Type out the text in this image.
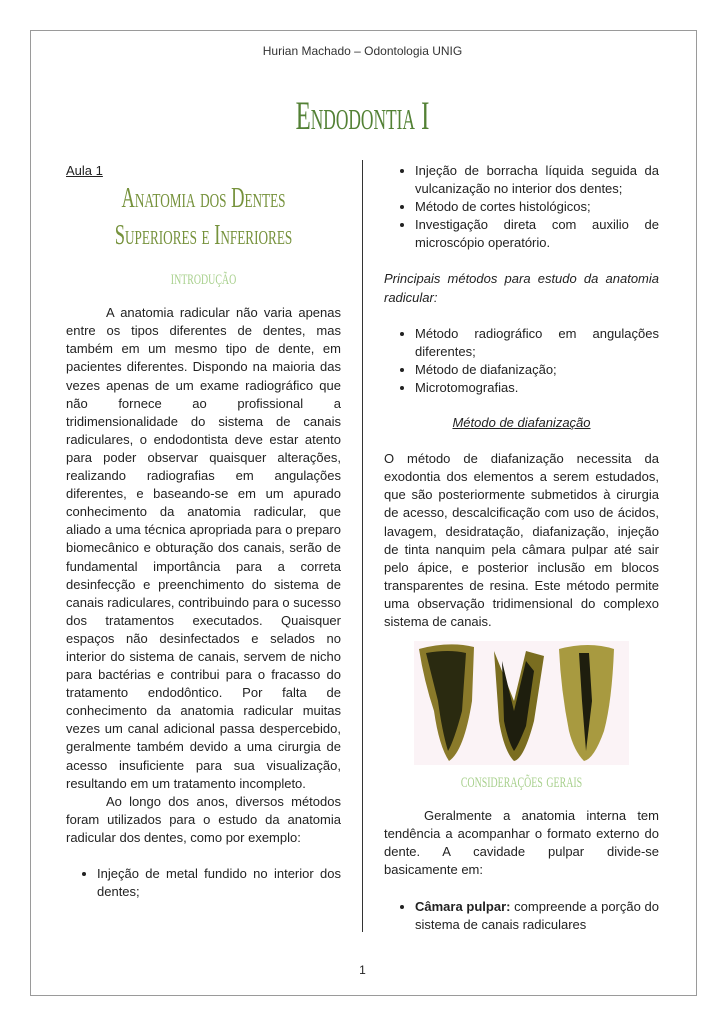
Hurian Machado – Odontologia UNIG
Endodontia I
Aula 1
Anatomia dos Dentes
Superiores e Inferiores
introdução

A anatomia radicular não varia apenas entre os tipos diferentes de dentes, mas também em um mesmo tipo de dente, em pacientes diferentes. Dispondo na maioria das vezes apenas de um exame radiográfico que não fornece ao profissional a tridimensionalidade do sistema de canais radiculares, o endodontista deve estar atento para poder observar quaisquer alterações, realizando radiografias em angulações diferentes, e baseando-se em um apurado conhecimento da anatomia radicular, que aliado a uma técnica apropriada para o preparo biomecânico e obturação dos canais, serão de fundamental importância para a correta desinfecção e preenchimento do sistema de canais radiculares, contribuindo para o sucesso dos tratamentos executados. Quaisquer espaços não desinfectados e selados no interior do sistema de canais, servem de nicho para bactérias e contribui para o fracasso do tratamento endodôntico. Por falta de conhecimento da anatomia radicular muitas vezes um canal adicional passa despercebido, geralmente também devido a uma cirurgia de acesso insuficiente para sua visualização, resultando em um tratamento incompleto.

Ao longo dos anos, diversos métodos foram utilizados para o estudo da anatomia radicular dos dentes, como por exemplo:

• Injeção de metal fundido no interior dos dentes;
• Injeção de borracha líquida seguida da vulcanização no interior dos dentes;
• Método de cortes histológicos;
• Investigação direta com auxilio de microscópio operatório.

Principais métodos para estudo da anatomia radicular:

• Método radiográfico em angulações diferentes;
• Método de diafanização;
• Microtomografias.

Método de diafanização

O método de diafanização necessita da exodontia dos elementos a serem estudados, que são posteriormente submetidos à cirurgia de acesso, descalcificação com uso de ácidos, lavagem, desidratação, diafanização, injeção de tinta nanquim pela câmara pulpar até sair pelo ápice, e posterior inclusão em blocos transparentes de resina. Este método permite uma observação tridimensional do complexo sistema de canais.

considerações gerais

Geralmente a anatomia interna tem tendência a acompanhar o formato externo do dente. A cavidade pulpar divide-se basicamente em:

• Câmara pulpar: compreende a porção do sistema de canais radiculares
1
